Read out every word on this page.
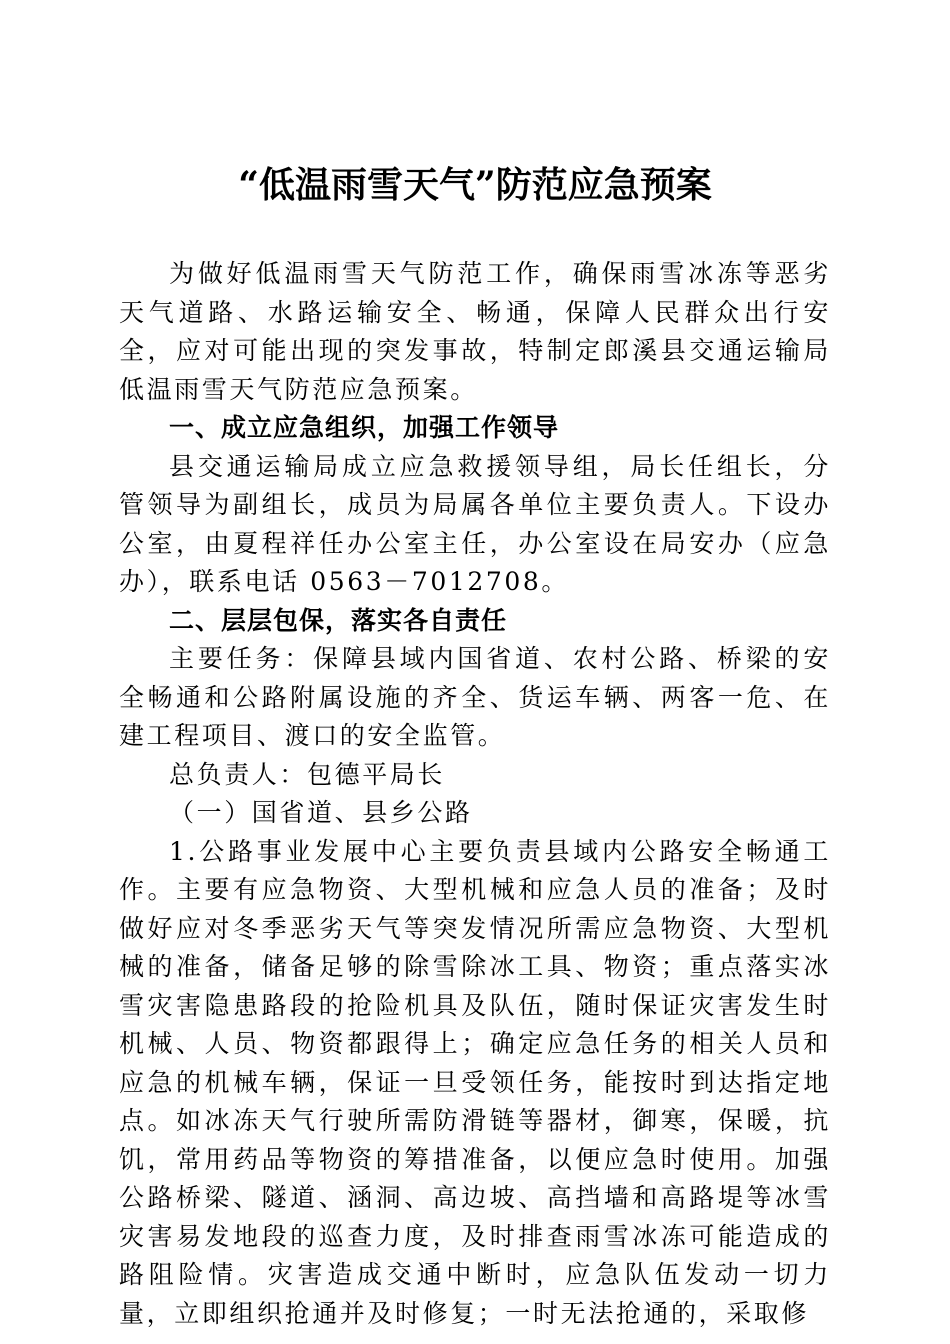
“低温雨雪天气”防范应急预案

为做好低温雨雪天气防范工作，确保雨雪冰冻等恶劣天气道路、水路运输安全、畅通，保障人民群众出行安全，应对可能出现的突发事故，特制定郎溪县交通运输局低温雨雪天气防范应急预案。

一、成立应急组织，加强工作领导

县交通运输局成立应急救援领导组，局长任组长，分管领导为副组长，成员为局属各单位主要负责人。下设办公室，由夏程祥任办公室主任，办公室设在局安办（应急办），联系电话 0563－7012708。

二、层层包保，落实各自责任

主要任务：保障县域内国省道、农村公路、桥梁的安全畅通和公路附属设施的齐全、货运车辆、两客一危、在建工程项目、渡口的安全监管。

总负责人：包德平局长

（一）国省道、县乡公路

1.公路事业发展中心主要负责县域内公路安全畅通工作。主要有应急物资、大型机械和应急人员的准备；及时做好应对冬季恶劣天气等突发情况所需应急物资、大型机械的准备，储备足够的除雪除冰工具、物资；重点落实冰雪灾害隐患路段的抢险机具及队伍，随时保证灾害发生时机械、人员、物资都跟得上；确定应急任务的相关人员和应急的机械车辆，保证一旦受领任务，能按时到达指定地点。如冰冻天气行驶所需防滑链等器材，御寒，保暖，抗饥，常用药品等物资的筹措准备，以便应急时使用。加强公路桥梁、隧道、涵洞、高边坡、高挡墙和高路堤等冰雪灾害易发地段的巡查力度，及时排查雨雪冰冻可能造成的路阻险情。灾害造成交通中断时，应急队伍发动一切力量，立即组织抢通并及时修复；一时无法抢通的，采取修
